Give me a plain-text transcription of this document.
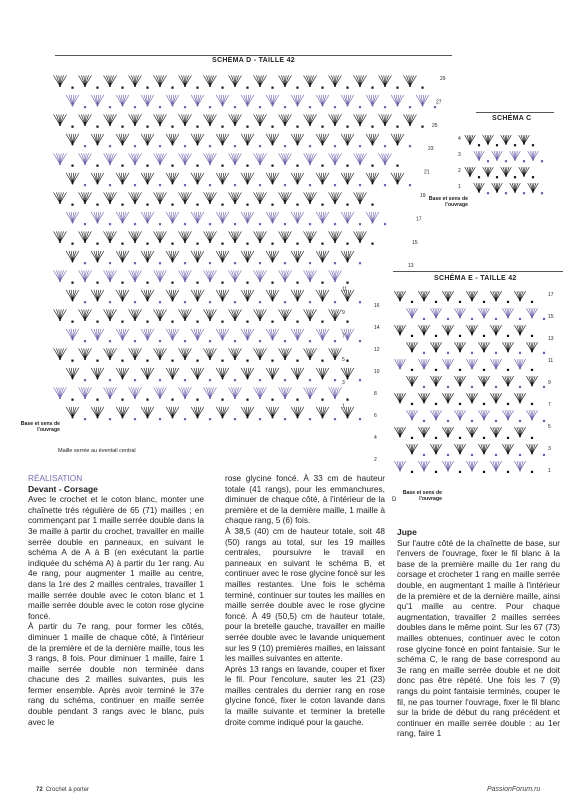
SCHÉMA D - TAILLE 42
29
27
25
23
21
19
17
15
13
11
9
7
5
3
1
Base et sens de l'ouvrage
Maille serrée au éventail central
SCHÉMA C
4
3
2
1
Base et sens de l'ouvrage
SCHÉMA E - TAILLE 42
17
16
15
14
13
12
11
10
9
8
7
6
5
4
3
2
1
Base et sens de l'ouvrage
D

RÉALISATION

Devant - Corsage

Avec le crochet et le coton blanc, monter une chaînette très régulière de 65 (71) mailles ; en commençant par 1 maille serrée double dans la 3e maille à partir du crochet, travailler en maille serrée double en panneaux, en suivant le schéma A de A à B (en exécutant la partie indiquée du schéma A) à partir du 1er rang. Au 4e rang, pour augmenter 1 maille au centre, dans la 1re des 2 mailles centrales, travailler 1 maille serrée double avec le coton blanc et 1 maille serrée double avec le coton rose glycine foncé.

À partir du 7e rang, pour former les côtés, diminuer 1 maille de chaque côté, à l'intérieur de la première et de la dernière maille, tous les 3 rangs, 8 fois. Pour diminuer 1 maille, faire 1 maille serrée double non terminée dans chacune des 2 mailles suivantes, puis les fermer ensemble. Après avoir terminé le 37e rang du schéma, continuer en maille serrée double pendant 3 rangs avec le blanc, puis avec le

rose glycine foncé. À 33 cm de hauteur totale (41 rangs), pour les emmanchures, diminuer de chaque côté, à l'intérieur de la première et de la dernière maille, 1 maille à chaque rang, 5 (6) fois.

À 38,5 (40) cm de hauteur totale, soit 48 (50) rangs au total, sur les 19 mailles centrales, poursuivre le travail en panneaux en suivant le schéma B, et continuer avec le rose glycine foncé sur les mailles restantes. Une fois le schéma terminé, continuer sur toutes les mailles en maille serrée double avec le rose glycine foncé. À 49 (50,5) cm de hauteur totale, pour la bretelle gauche, travailler en maille serrée double avec le lavande uniquement sur les 9 (10) premières mailles, en laissant les mailles suivantes en attente.

Après 13 rangs en lavande, couper et fixer le fil. Pour l'encolure, sauter les 21 (23) mailles centrales du dernier rang en rose glycine foncé, fixer le coton lavande dans la maille suivante et terminer la bretelle droite comme indiqué pour la gauche.

Jupe

Sur l'autre côté de la chaînette de base, sur l'envers de l'ouvrage, fixer le fil blanc à la base de la première maille du 1er rang du corsage et crocheter 1 rang en maille serrée double, en augmentant 1 maille à l'intérieur de la première et de la dernière maille, ainsi qu'1 maille au centre. Pour chaque augmentation, travailler 2 mailles serrées doubles dans le même point. Sur les 67 (73) mailles obtenues, continuer avec le coton rose glycine foncé en point fantaisie. Sur le schéma C, le rang de base correspond au 3e rang en maille serrée double et ne doit donc pas être répété. Une fois les 7 (9) rangs du point fantaisie terminés, couper le fil, ne pas tourner l'ouvrage, fixer le fil blanc sur la bride de début du rang précédent et continuer en maille serrée double : au 1er rang, faire 1

72 Crochet à porter	PassionForum.ru
